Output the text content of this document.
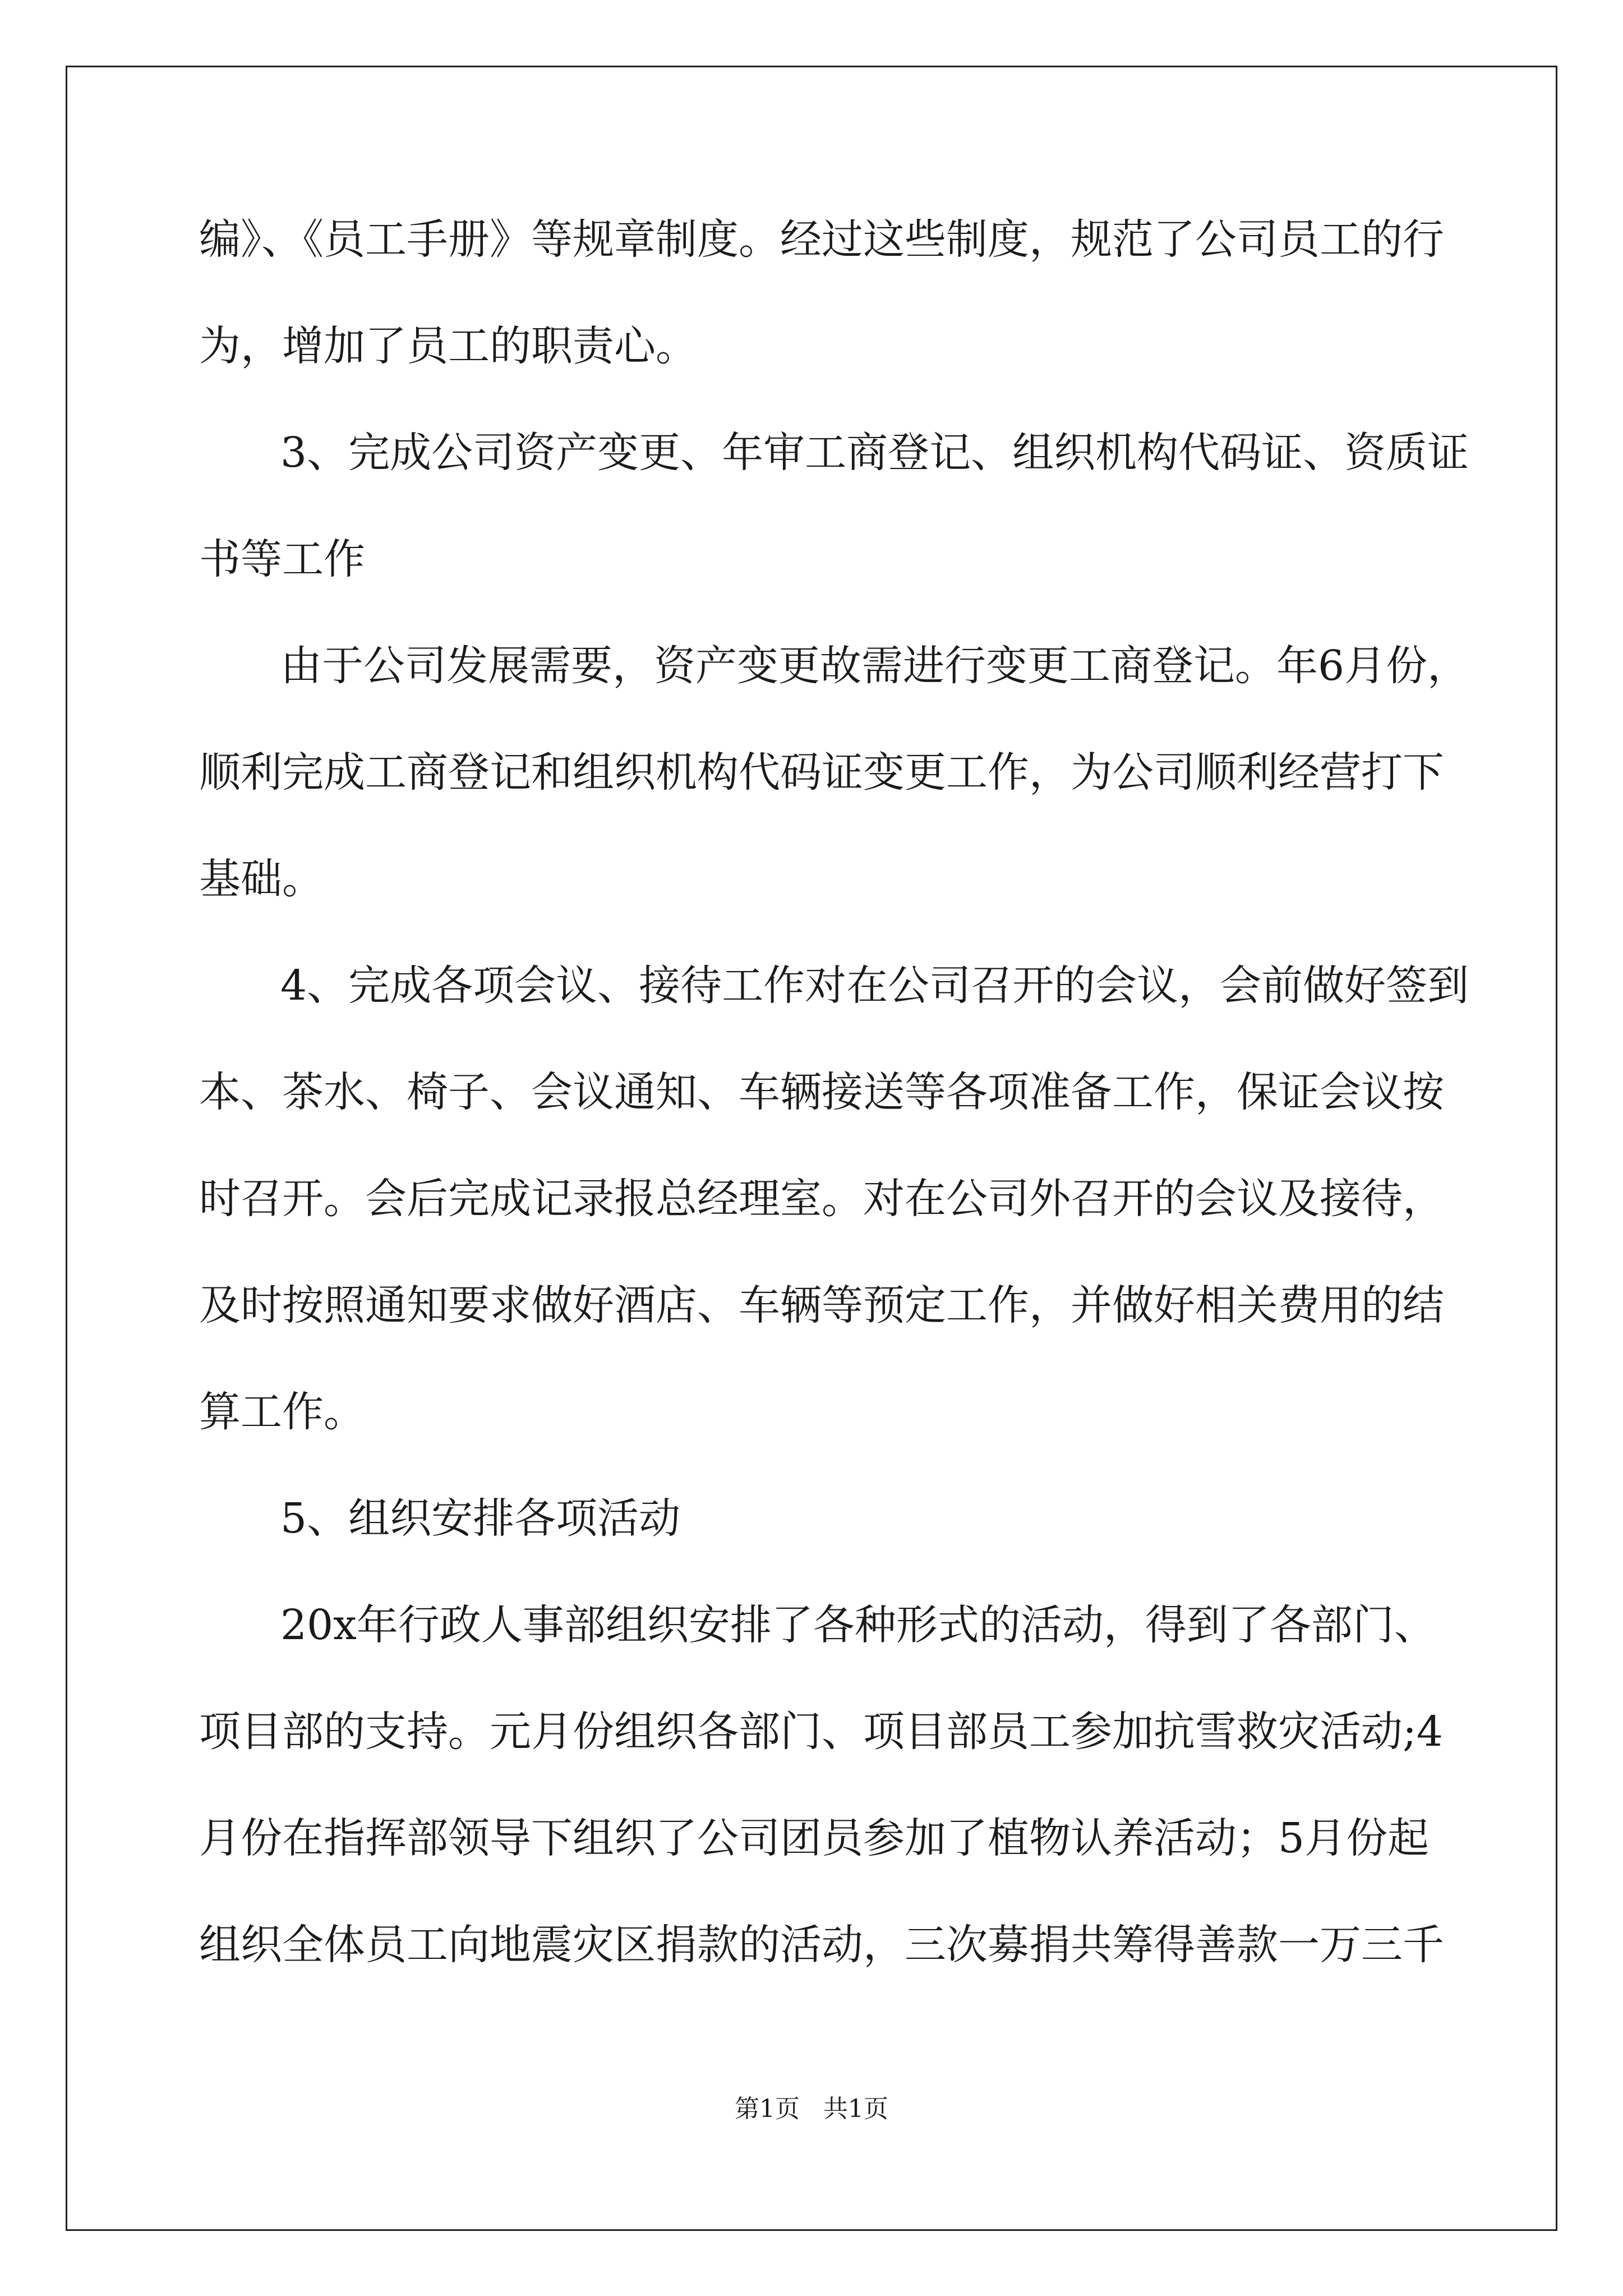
编》、《员工手册》等规章制度。经过这些制度，规范了公司员工的行
为，增加了员工的职责心。
3、完成公司资产变更、年审工商登记、组织机构代码证、资质证
书等工作
由于公司发展需要，资产变更故需进行变更工商登记。年6月份，
顺利完成工商登记和组织机构代码证变更工作，为公司顺利经营打下
基础。
4、完成各项会议、接待工作对在公司召开的会议，会前做好签到
本、茶水、椅子、会议通知、车辆接送等各项准备工作，保证会议按
时召开。会后完成记录报总经理室。对在公司外召开的会议及接待，
及时按照通知要求做好酒店、车辆等预定工作，并做好相关费用的结
算工作。
5、组织安排各项活动
20x年行政人事部组织安排了各种形式的活动，得到了各部门、
项目部的支持。元月份组织各部门、项目部员工参加抗雪救灾活动;4
月份在指挥部领导下组织了公司团员参加了植物认养活动；5月份起
组织全体员工向地震灾区捐款的活动，三次募捐共筹得善款一万三千
第1页 共1页
